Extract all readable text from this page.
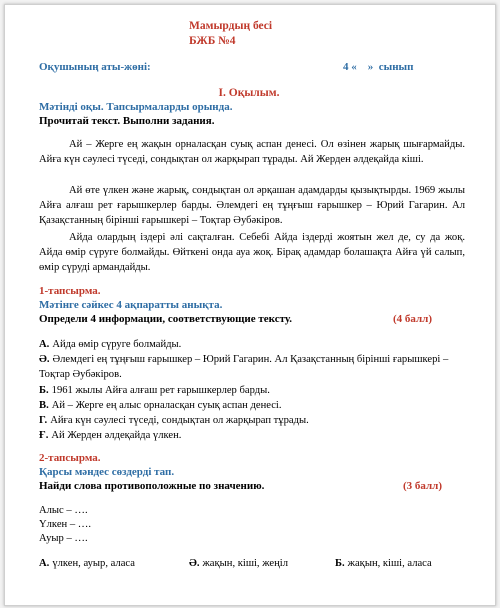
Мамырдың бесі
БЖБ №4
Оқушының аты-жөні:	4 «    »  сынып
І. Оқылым.
Мәтінді оқы. Тапсырмаларды орында.
Прочитай текст. Выполни задания.
Ай – Жерге ең жақын орналасқан суық аспан денесі. Ол өзінен жарық шығармайды. Айға күн сәулесі түседі, сондықтан ол жарқырап тұрады. Ай Жерден әлдеқайда кіші.
Ай өте үлкен және жарық, сондықтан ол әрқашан адамдарды қызықтырды. 1969 жылы Айға алғаш рет ғарышкерлер барды. Әлемдегі ең тұңғыш ғарышкер – Юрий Гагарин. Ал Қазақстанның бірінші ғарышкері – Тоқтар Әубәкіров.
Айда олардың іздері әлі сақталған. Себебі Айда іздерді жоятын жел де, су да жоқ. Айда өмір сүруге болмайды. Өйткені онда ауа жоқ. Бірақ адамдар болашақта Айға үй салып, өмір сүруді армандайды.
1-тапсырма.
Мәтінге сәйкес 4 ақпаратты анықта.
Определи 4 информации, соответствующие тексту.	(4 балл)
А. Айда өмір сүруге болмайды.
Ә. Әлемдегі ең тұңғыш ғарышкер – Юрий Гагарин. Ал Қазақстанның бірінші ғарышкері – Тоқтар Әубәкіров.
Б. 1961 жылы Айға алғаш рет ғарышкерлер барды.
В. Ай – Жерге ең алыс орналасқан суық аспан денесі.
Г. Айға күн сәулесі түседі, сондықтан ол жарқырап тұрады.
Ғ. Ай Жерден әлдеқайда үлкен.
2-тапсырма.
Қарсы мәндес сөздерді тап.
Найди слова противоположные по значению.	(3 балл)
Алыс – ….
Үлкен – ….
Ауыр – ….
А. үлкен, ауыр, аласа	Ә. жақын, кіші, жеңіл	Б. жақын, кіші, аласа
